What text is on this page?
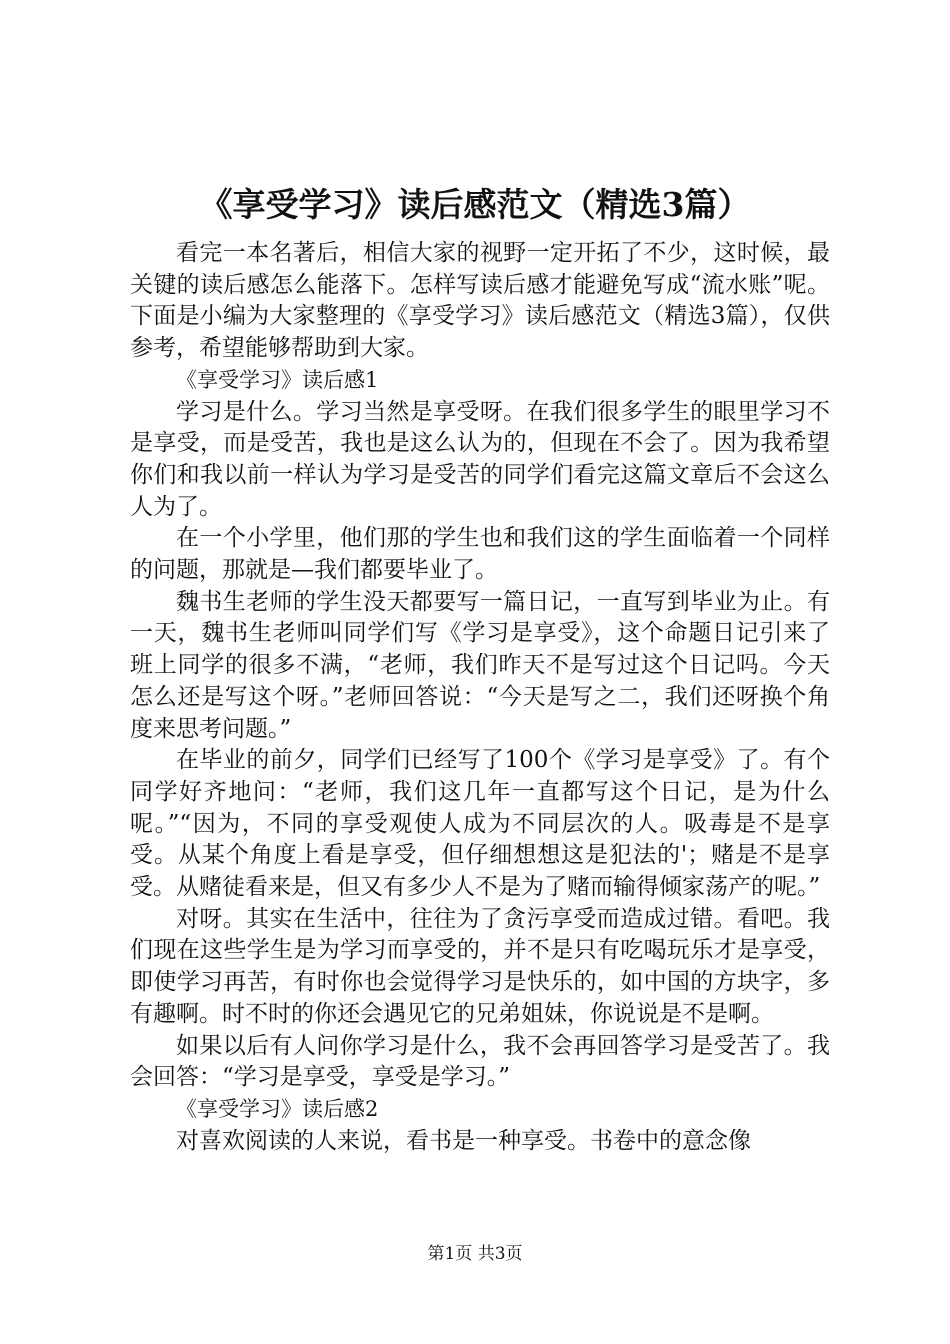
《享受学习》读后感范文（精选3篇）

看完一本名著后，相信大家的视野一定开拓了不少，这时候，最关键的读后感怎么能落下。怎样写读后感才能避免写成“流水账”呢。下面是小编为大家整理的《享受学习》读后感范文（精选3篇），仅供参考，希望能够帮助到大家。

《享受学习》读后感1

学习是什么。学习当然是享受呀。在我们很多学生的眼里学习不是享受，而是受苦，我也是这么认为的，但现在不会了。因为我希望你们和我以前一样认为学习是受苦的同学们看完这篇文章后不会这么人为了。

在一个小学里，他们那的学生也和我们这的学生面临着一个同样的问题，那就是—我们都要毕业了。

魏书生老师的学生没天都要写一篇日记，一直写到毕业为止。有一天，魏书生老师叫同学们写《学习是享受》，这个命题日记引来了班上同学的很多不满，“老师，我们昨天不是写过这个日记吗。今天怎么还是写这个呀。”老师回答说：“今天是写之二，我们还呀换个角度来思考问题。”

在毕业的前夕，同学们已经写了100个《学习是享受》了。有个同学好齐地问：“老师，我们这几年一直都写这个日记，是为什么呢。”“因为，不同的享受观使人成为不同层次的人。吸毒是不是享受。从某个角度上看是享受，但仔细想想这是犯法的'；赌是不是享受。从赌徒看来是，但又有多少人不是为了赌而输得倾家荡产的呢。”

对呀。其实在生活中，往往为了贪污享受而造成过错。看吧。我们现在这些学生是为学习而享受的，并不是只有吃喝玩乐才是享受，即使学习再苦，有时你也会觉得学习是快乐的，如中国的方块字，多有趣啊。时不时的你还会遇见它的兄弟姐妹，你说说是不是啊。

如果以后有人问你学习是什么，我不会再回答学习是受苦了。我会回答：“学习是享受，享受是学习。”

《享受学习》读后感2

对喜欢阅读的人来说，看书是一种享受。书卷中的意念像

第1页 共3页
